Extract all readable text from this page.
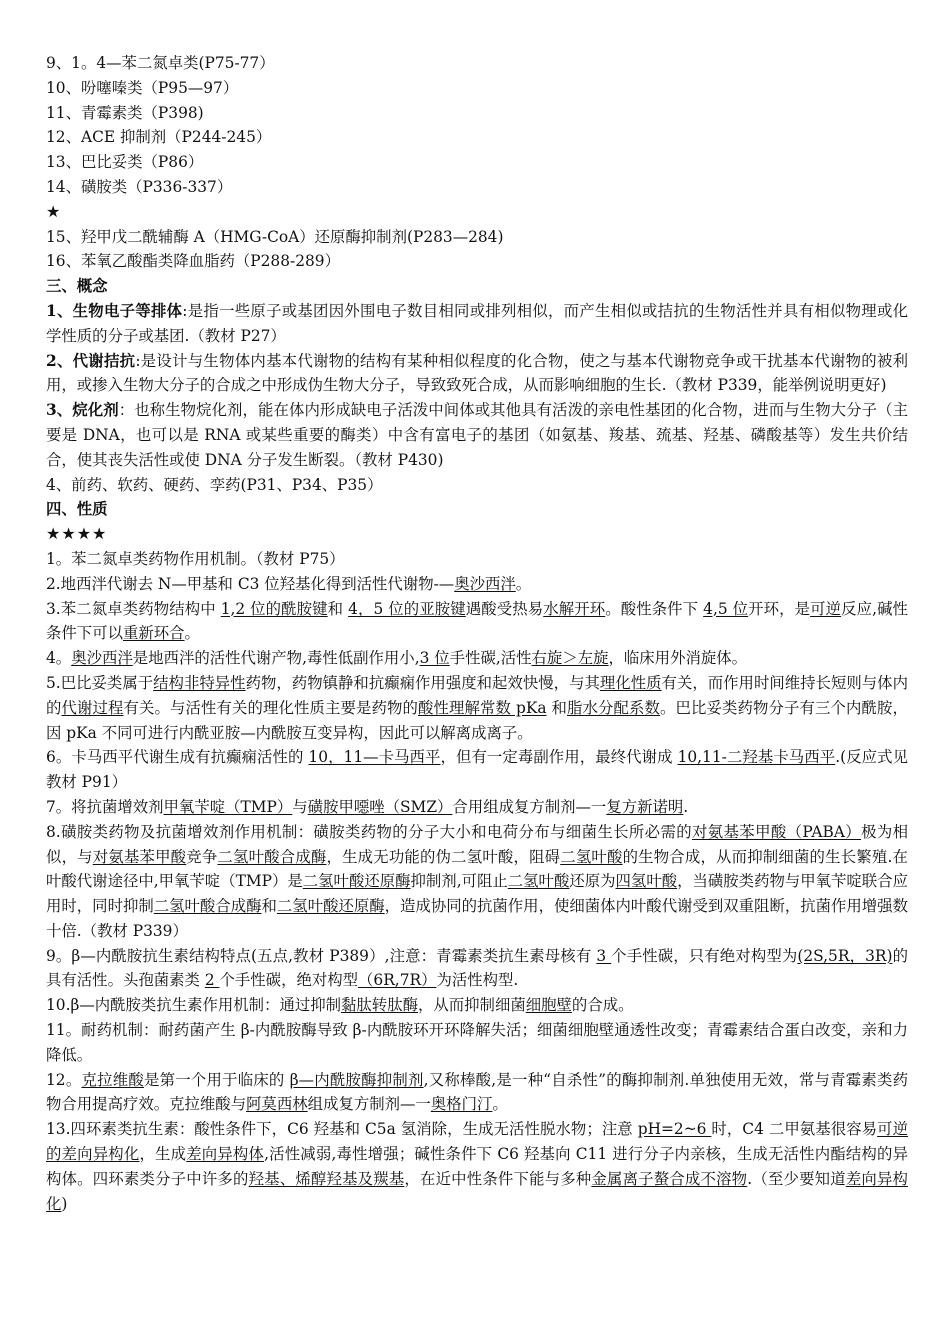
9、1。4—苯二氮卓类(P75-77）

10、吩噻嗪类（P95—97）

11、青霉素类（P398)

12、ACE 抑制剂（P244-245）

13、巴比妥类（P86）

14、磺胺类（P336-337）

★

15、羟甲戊二酰辅酶 A（HMG-CoA）还原酶抑制剂(P283—284)

16、苯氧乙酸酯类降血脂药（P288-289）

三、概念

1、生物电子等排体:是指一些原子或基团因外围电子数目相同或排列相似，而产生相似或拮抗的生物活性并具有相似物理或化学性质的分子或基团.（教材 P27）

2、代谢拮抗:是设计与生物体内基本代谢物的结构有某种相似程度的化合物，使之与基本代谢物竞争或干扰基本代谢物的被利用，或掺入生物大分子的合成之中形成伪生物大分子，导致致死合成，从而影响细胞的生长.（教材 P339，能举例说明更好)

3、烷化剂：也称生物烷化剂，能在体内形成缺电子活泼中间体或其他具有活泼的亲电性基团的化合物，进而与生物大分子（主要是 DNA，也可以是 RNA 或某些重要的酶类）中含有富电子的基团（如氨基、羧基、巯基、羟基、磷酸基等）发生共价结合，使其丧失活性或使 DNA 分子发生断裂。（教材 P430)

4、前药、软药、硬药、孪药(P31、P34、P35）

四、性质

★★★★

1。苯二氮卓类药物作用机制。（教材 P75）

2.地西泮代谢去 N—甲基和 C3 位羟基化得到活性代谢物-—奥沙西泮。

3.苯二氮卓类药物结构中 1,2 位的酰胺键和 4，5 位的亚胺键遇酸受热易水解开环。酸性条件下 4,5 位开环，是可逆反应,碱性条件下可以重新环合。

4。奥沙西泮是地西泮的活性代谢产物,毒性低副作用小,3 位手性碳,活性右旋＞左旋，临床用外消旋体。

5.巴比妥类属于结构非特异性药物，药物镇静和抗癫痫作用强度和起效快慢，与其理化性质有关，而作用时间维持长短则与体内的代谢过程有关。与活性有关的理化性质主要是药物的酸性理解常数 pKa 和脂水分配系数。巴比妥类药物分子有三个内酰胺，因 pKa 不同可进行内酰亚胺—内酰胺互变异构，因此可以解离成离子。

6。卡马西平代谢生成有抗癫痫活性的 10，11—卡马西平，但有一定毒副作用，最终代谢成 10,11-二羟基卡马西平.(反应式见教材 P91）

7。将抗菌增效剂甲氧苄啶（TMP）与磺胺甲噁唑（SMZ）合用组成复方制剂—一复方新诺明.

8.磺胺类药物及抗菌增效剂作用机制：磺胺类药物的分子大小和电荷分布与细菌生长所必需的对氨基苯甲酸（PABA）极为相似，与对氨基苯甲酸竞争二氢叶酸合成酶，生成无功能的伪二氢叶酸，阻碍二氢叶酸的生物合成，从而抑制细菌的生长繁殖.在叶酸代谢途径中,甲氧苄啶（TMP）是二氢叶酸还原酶抑制剂,可阻止二氢叶酸还原为四氢叶酸，当磺胺类药物与甲氧苄啶联合应用时，同时抑制二氢叶酸合成酶和二氢叶酸还原酶，造成协同的抗菌作用，使细菌体内叶酸代谢受到双重阻断，抗菌作用增强数十倍.（教材 P339）

9。β—内酰胺抗生素结构特点(五点,教材 P389）,注意：青霉素类抗生素母核有 3 个手性碳，只有绝对构型为(2S,5R，3R)的具有活性。头孢菌素类 2 个手性碳，绝对构型（6R,7R）为活性构型.

10.β—内酰胺类抗生素作用机制：通过抑制黏肽转肽酶，从而抑制细菌细胞壁的合成。

11。耐药机制：耐药菌产生 β-内酰胺酶导致 β-内酰胺环开环降解失活；细菌细胞壁通透性改变；青霉素结合蛋白改变，亲和力降低。

12。克拉维酸是第一个用于临床的 β—内酰胺酶抑制剂,又称棒酸,是一种“自杀性”的酶抑制剂.单独使用无效，常与青霉素类药物合用提高疗效。克拉维酸与阿莫西林组成复方制剂—一奥格门汀。

13.四环素类抗生素：酸性条件下，C6 羟基和 C5a 氢消除，生成无活性脱水物；注意 pH=2~6 时，C4 二甲氨基很容易可逆的差向异构化，生成差向异构体,活性减弱,毒性增强；碱性条件下 C6 羟基向 C11 进行分子内亲核，生成无活性内酯结构的异构体。四环素类分子中许多的羟基、烯醇羟基及羰基，在近中性条件下能与多种金属离子螯合成不溶物.（至少要知道差向异构化)
